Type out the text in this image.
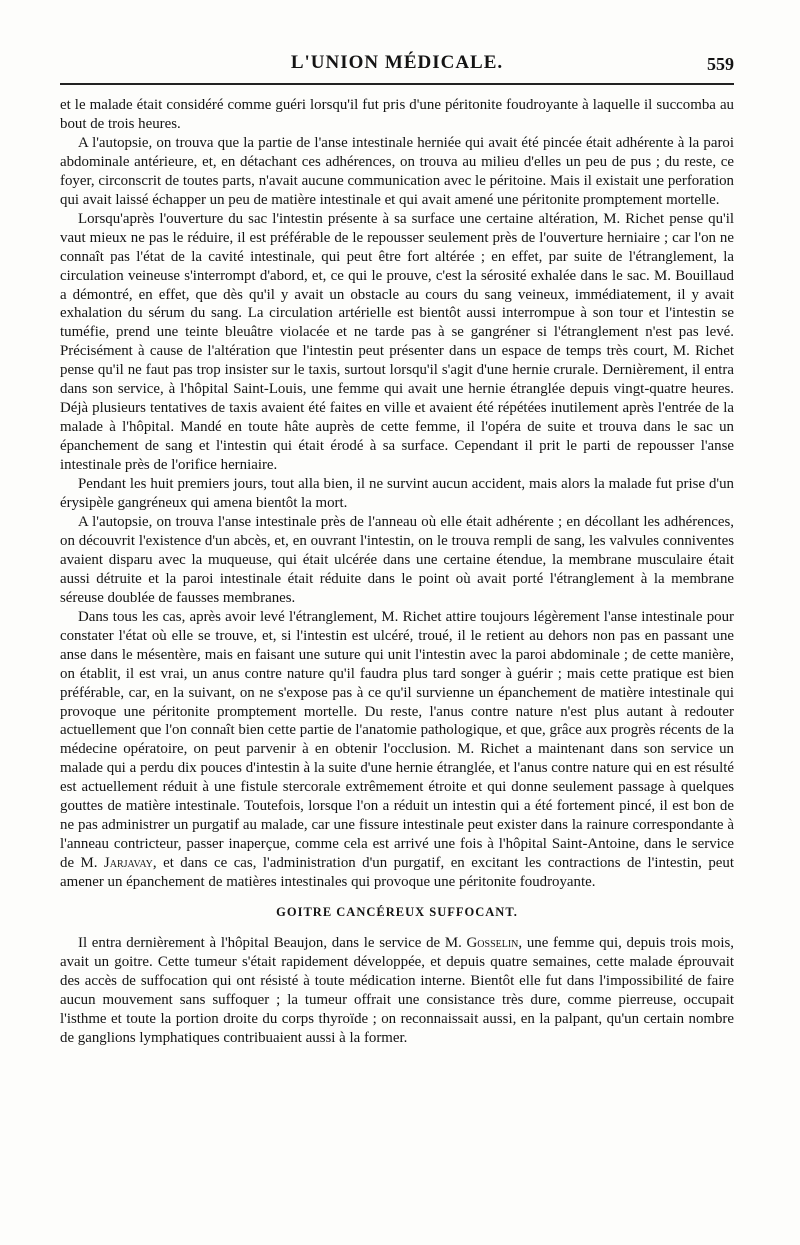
L'UNION MÉDICALE.	559

et le malade était considéré comme guéri lorsqu'il fut pris d'une péritonite foudroyante à laquelle il succomba au bout de trois heures.

A l'autopsie, on trouva que la partie de l'anse intestinale herniée qui avait été pincée était adhérente à la paroi abdominale antérieure, et, en détachant ces adhérences, on trouva au milieu d'elles un peu de pus ; du reste, ce foyer, circonscrit de toutes parts, n'avait aucune communication avec le péritoine. Mais il existait une perforation qui avait laissé échapper un peu de matière intestinale et qui avait amené une péritonite promptement mortelle.

Lorsqu'après l'ouverture du sac l'intestin présente à sa surface une certaine altération, M. Richet pense qu'il vaut mieux ne pas le réduire, il est préférable de le repousser seulement près de l'ouverture herniaire ; car l'on ne connaît pas l'état de la cavité intestinale, qui peut être fort altérée ; en effet, par suite de l'étranglement, la circulation veineuse s'interrompt d'abord, et, ce qui le prouve, c'est la sérosité exhalée dans le sac. M. Bouillaud a démontré, en effet, que dès qu'il y avait un obstacle au cours du sang veineux, immédiatement, il y avait exhalation du sérum du sang. La circulation artérielle est bientôt aussi interrompue à son tour et l'intestin se tuméfie, prend une teinte bleuâtre violacée et ne tarde pas à se gangréner si l'étranglement n'est pas levé. Précisément à cause de l'altération que l'intestin peut présenter dans un espace de temps très court, M. Richet pense qu'il ne faut pas trop insister sur le taxis, surtout lorsqu'il s'agit d'une hernie crurale. Dernièrement, il entra dans son service, à l'hôpital Saint-Louis, une femme qui avait une hernie étranglée depuis vingt-quatre heures. Déjà plusieurs tentatives de taxis avaient été faites en ville et avaient été répétées inutilement après l'entrée de la malade à l'hôpital. Mandé en toute hâte auprès de cette femme, il l'opéra de suite et trouva dans le sac un épanchement de sang et l'intestin qui était érodé à sa surface. Cependant il prit le parti de repousser l'anse intestinale près de l'orifice herniaire.

Pendant les huit premiers jours, tout alla bien, il ne survint aucun accident, mais alors la malade fut prise d'un érysipèle gangréneux qui amena bientôt la mort.

A l'autopsie, on trouva l'anse intestinale près de l'anneau où elle était adhérente ; en décollant les adhérences, on découvrit l'existence d'un abcès, et, en ouvrant l'intestin, on le trouva rempli de sang, les valvules conniventes avaient disparu avec la muqueuse, qui était ulcérée dans une certaine étendue, la membrane musculaire était aussi détruite et la paroi intestinale était réduite dans le point où avait porté l'étranglement à la membrane séreuse doublée de fausses membranes.

Dans tous les cas, après avoir levé l'étranglement, M. Richet attire toujours légèrement l'anse intestinale pour constater l'état où elle se trouve, et, si l'intestin est ulcéré, troué, il le retient au dehors non pas en passant une anse dans le mésentère, mais en faisant une suture qui unit l'intestin avec la paroi abdominale ; de cette manière, on établit, il est vrai, un anus contre nature qu'il faudra plus tard songer à guérir ; mais cette pratique est bien préférable, car, en la suivant, on ne s'expose pas à ce qu'il survienne un épanchement de matière intestinale qui provoque une péritonite promptement mortelle. Du reste, l'anus contre nature n'est plus autant à redouter actuellement que l'on connaît bien cette partie de l'anatomie pathologique, et que, grâce aux progrès récents de la médecine opératoire, on peut parvenir à en obtenir l'occlusion. M. Richet a maintenant dans son service un malade qui a perdu dix pouces d'intestin à la suite d'une hernie étranglée, et l'anus contre nature qui en est résulté est actuellement réduit à une fistule stercorale extrêmement étroite et qui donne seulement passage à quelques gouttes de matière intestinale. Toutefois, lorsque l'on a réduit un intestin qui a été fortement pincé, il est bon de ne pas administrer un purgatif au malade, car une fissure intestinale peut exister dans la rainure correspondante à l'anneau contricteur, passer inaperçue, comme cela est arrivé une fois à l'hôpital Saint-Antoine, dans le service de M. Jarjavay, et dans ce cas, l'administration d'un purgatif, en excitant les contractions de l'intestin, peut amener un épanchement de matières intestinales qui provoque une péritonite foudroyante.

GOITRE CANCÉREUX SUFFOCANT.

Il entra dernièrement à l'hôpital Beaujon, dans le service de M. Gosselin, une femme qui, depuis trois mois, avait un goitre. Cette tumeur s'était rapidement développée, et depuis quatre semaines, cette malade éprouvait des accès de suffocation qui ont résisté à toute médication interne. Bientôt elle fut dans l'impossibilité de faire aucun mouvement sans suffoquer ; la tumeur offrait une consistance très dure, comme pierreuse, occupait l'isthme et toute la portion droite du corps thyroïde ; on reconnaissait aussi, en la palpant, qu'un certain nombre de ganglions lymphatiques contribuaient aussi à la former.
